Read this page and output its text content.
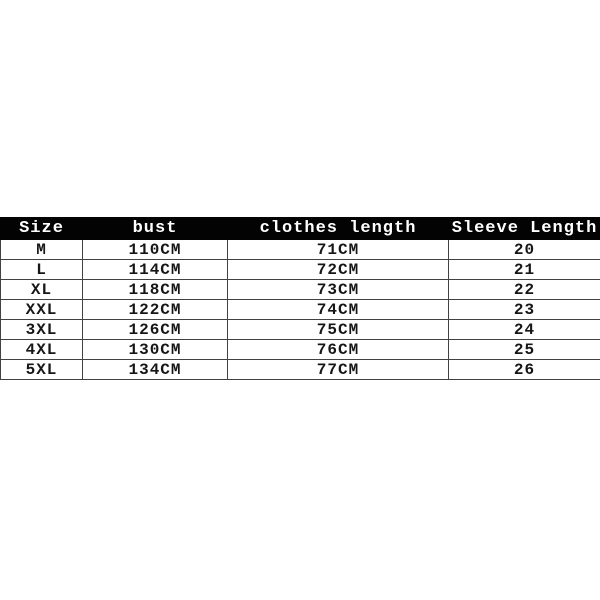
Size	bust	clothes length	Sleeve Length
M	110CM	71CM	20
L	114CM	72CM	21
XL	118CM	73CM	22
XXL	122CM	74CM	23
3XL	126CM	75CM	24
4XL	130CM	76CM	25
5XL	134CM	77CM	26
